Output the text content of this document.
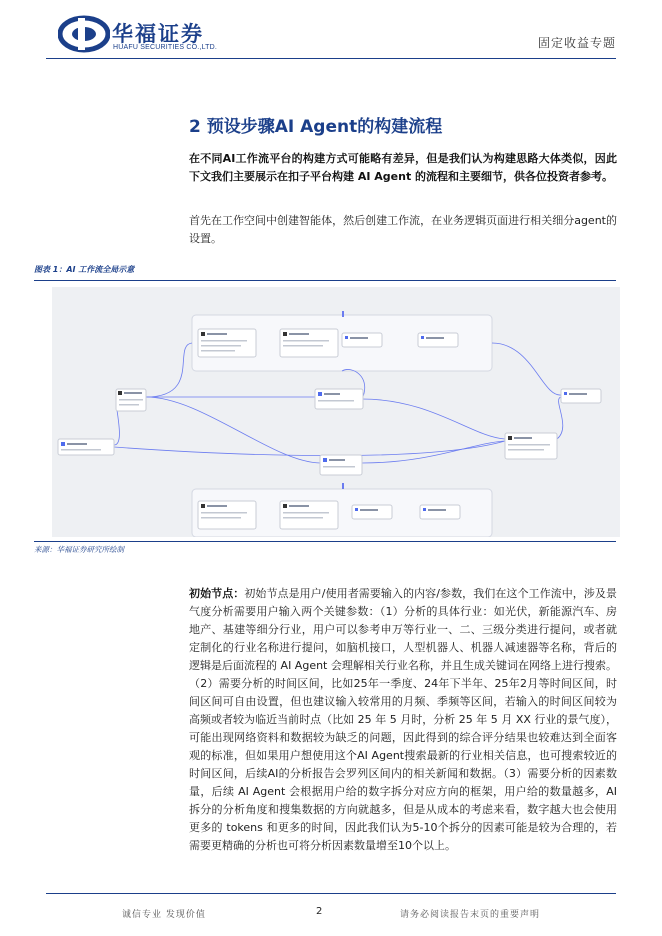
华福证券
HUAFU SECURITIES CO.,LTD.	固定收益专题
2 预设步骤AI Agent的构建流程
在不同AI工作流平台的构建方式可能略有差异，但是我们认为构建思路大体类似，因此下文我们主要展示在扣子平台构建 AI Agent 的流程和主要细节，供各位投资者参考。
首先在工作空间中创建智能体，然后创建工作流，在业务逻辑页面进行相关细分agent的设置。
图表 1：AI 工作流全局示意
来源：华福证券研究所绘制
初始节点：初始节点是用户/使用者需要输入的内容/参数，我们在这个工作流中，涉及景气度分析需要用户输入两个关键参数：（1）分析的具体行业：如光伏，新能源汽车、房地产、基建等细分行业，用户可以参考申万等行业一、二、三级分类进行提问，或者就定制化的行业名称进行提问，如脑机接口，人型机器人、机器人减速器等名称，背后的逻辑是后面流程的 AI Agent 会理解相关行业名称，并且生成关键词在网络上进行搜索。（2）需要分析的时间区间，比如25年一季度、24年下半年、25年2月等时间区间，时间区间可自由设置，但也建议输入较常用的月频、季频等区间，若输入的时间区间较为高频或者较为临近当前时点（比如 25 年 5 月时，分析 25 年 5 月 XX 行业的景气度），可能出现网络资料和数据较为缺乏的问题，因此得到的综合评分结果也较难达到全面客观的标准，但如果用户想使用这个AI Agent搜索最新的行业相关信息，也可搜索较近的时间区间，后续AI的分析报告会罗列区间内的相关新闻和数据。（3）需要分析的因素数量，后续 AI Agent 会根据用户给的数字拆分对应方向的框架，用户给的数量越多，AI 拆分的分析角度和搜集数据的方向就越多，但是从成本的考虑来看，数字越大也会使用更多的 tokens 和更多的时间，因此我们认为5-10个拆分的因素可能是较为合理的，若需要更精确的分析也可将分析因素数量增至10个以上。
诚信专业 发现价值	2	请务必阅读报告末页的重要声明
